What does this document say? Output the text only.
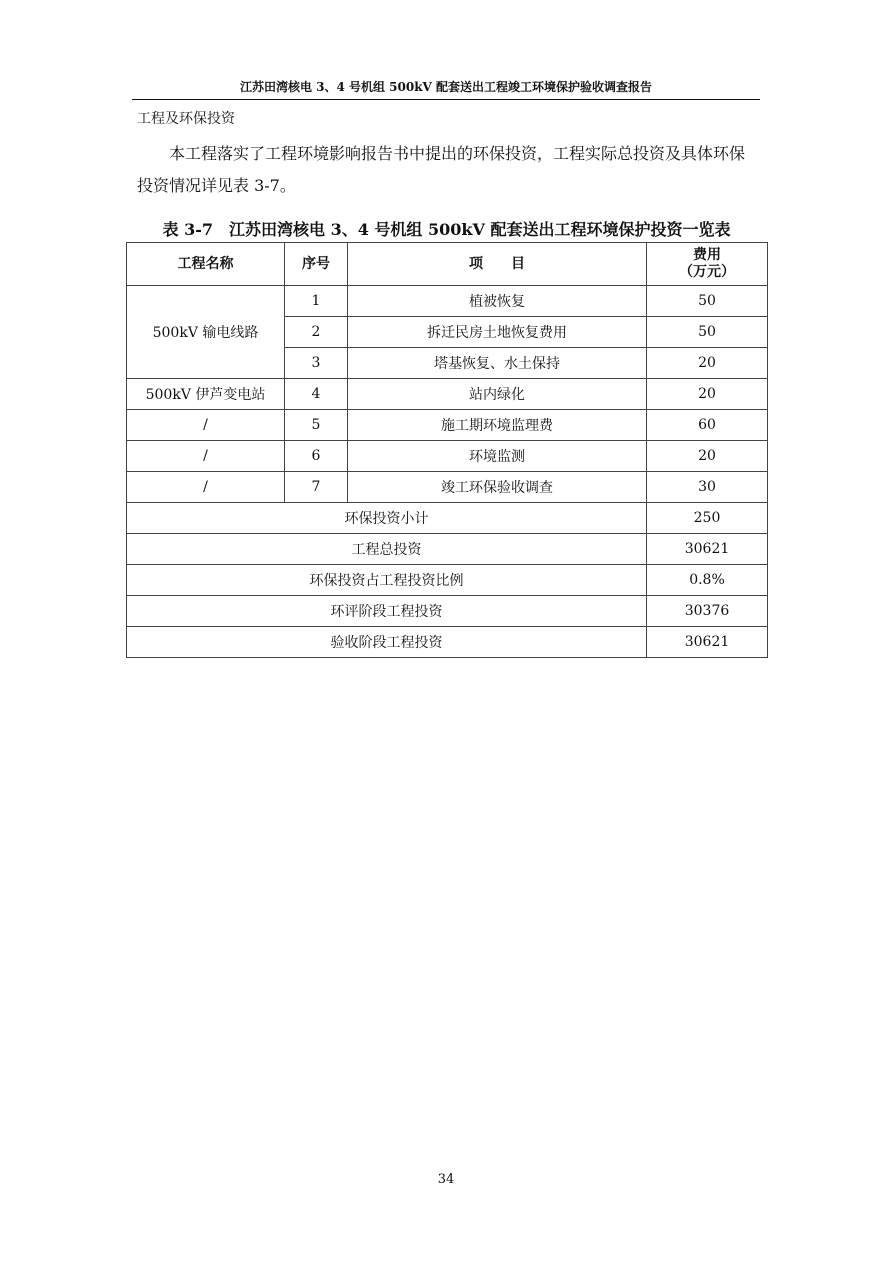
江苏田湾核电 3、4 号机组 500kV 配套送出工程竣工环境保护验收调查报告
工程及环保投资
本工程落实了工程环境影响报告书中提出的环保投资，工程实际总投资及具体环保投资情况详见表 3-7。
表 3-7　江苏田湾核电 3、4 号机组 500kV 配套送出工程环境保护投资一览表
工程名称	序号	项　　目	费用
（万元）

500kV 输电线路	1	植被恢复	50
	2	拆迁民房土地恢复费用	50
	3	塔基恢复、水土保持	20
500kV 伊芦变电站	4	站内绿化	20
/	5	施工期环境监理费	60
/	6	环境监测	20
/	7	竣工环保验收调查	30
环保投资小计			250
工程总投资			30621
环保投资占工程投资比例			0.8%
环评阶段工程投资			30376
验收阶段工程投资			30621
34
